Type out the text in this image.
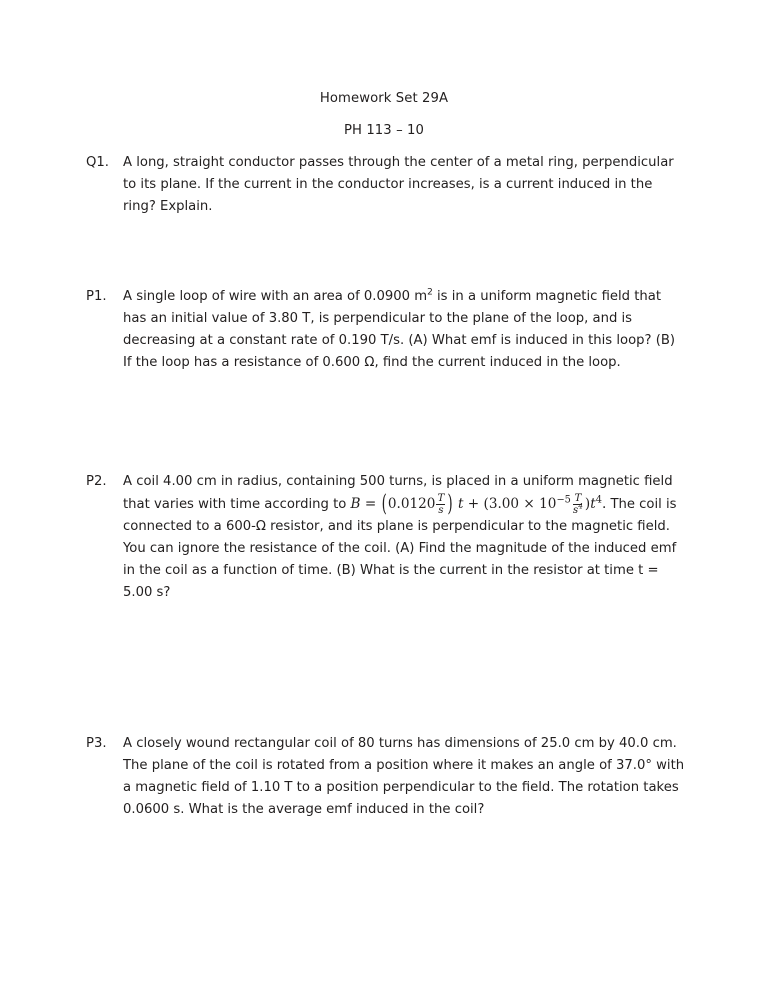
Homework Set 29A
PH 113 – 10
Q1.	A long, straight conductor passes through the center of a metal ring, perpendicular to its plane. If the current in the conductor increases, is a current induced in the ring? Explain.

P1.	A single loop of wire with an area of 0.0900 $m^2$ is in a uniform magnetic field that has an initial value of 3.80 T, is perpendicular to the plane of the loop, and is decreasing at a constant rate of 0.190 T/s. (A) What emf is induced in this loop? (B) If the loop has a resistance of 0.600 Ω, find the current induced in the loop.

P2.	A coil 4.00 cm in radius, containing 500 turns, is placed in a uniform magnetic field that varies with time according to $B = (0.0120 \frac{T}{s}$ ) $t + (3.00 \times 10^{-5} \frac{T}{s^4} )t^4$. The coil is connected to a 600-Ω resistor, and its plane is perpendicular to the magnetic field. You can ignore the resistance of the coil. (A) Find the magnitude of the induced emf in the coil as a function of time. (B) What is the current in the resistor at time t = 5.00 s?

P3.	A closely wound rectangular coil of 80 turns has dimensions of 25.0 cm by 40.0 cm. The plane of the coil is rotated from a position where it makes an angle of 37.0° with a magnetic field of 1.10 T to a position perpendicular to the field. The rotation takes 0.0600 s. What is the average emf induced in the coil?
